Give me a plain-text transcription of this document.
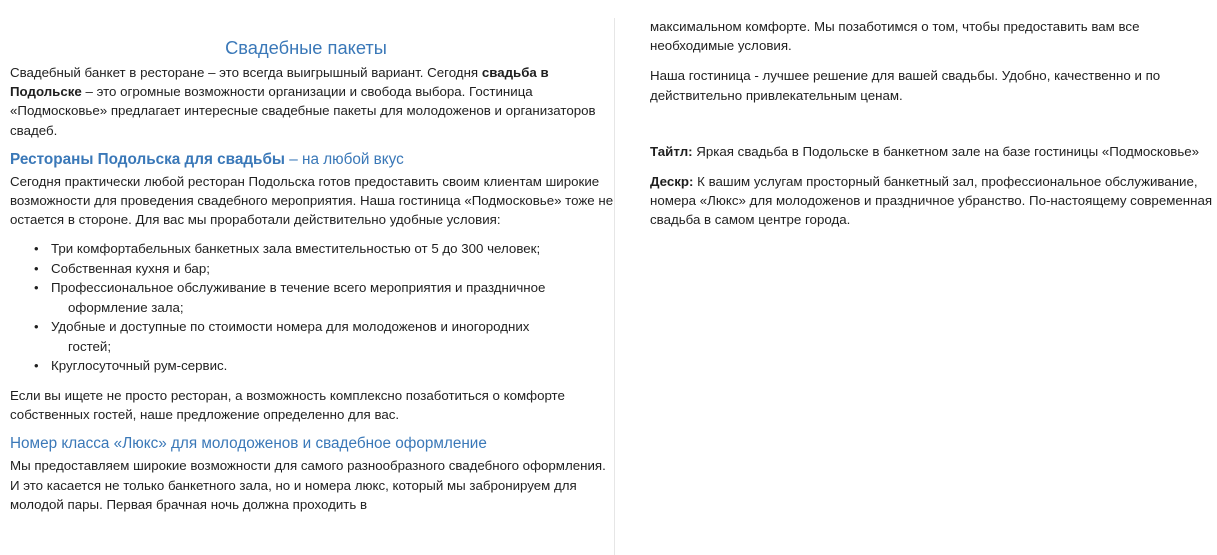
Свадебные пакеты

Свадебный банкет в ресторане – это всегда выигрышный вариант. Сегодня свадьба в Подольске – это огромные возможности организации и свобода выбора. Гостиница «Подмосковье» предлагает интересные свадебные пакеты для молодоженов и организаторов свадеб.

Рестораны Подольска для свадьбы – на любой вкус

Сегодня практически любой ресторан Подольска готов предоставить своим клиентам широкие возможности для проведения свадебного мероприятия. Наша гостиница «Подмосковье» тоже не остается в стороне. Для вас мы проработали действительно удобные условия:

• Три комфортабельных банкетных зала вместительностью от 5 до 300 человек;
• Собственная кухня и бар;
• Профессиональное обслуживание в течение всего мероприятия и праздничное
оформление зала;
• Удобные и доступные по стоимости номера для молодоженов и иногородних
гостей;
• Круглосуточный рум-сервис.

Если вы ищете не просто ресторан, а возможность комплексно позаботиться о комфорте собственных гостей, наше предложение определенно для вас.

Номер класса «Люкс» для молодоженов и свадебное оформление

Мы предоставляем широкие возможности для самого разнообразного свадебного оформления. И это касается не только банкетного зала, но и номера люкс, который мы забронируем для молодой пары. Первая брачная ночь должна проходить в

максимальном комфорте. Мы позаботимся о том, чтобы предоставить вам все необходимые условия.

Наша гостиница - лучшее решение для вашей свадьбы. Удобно, качественно и по действительно привлекательным ценам.

Тайтл: Яркая свадьба в Подольске в банкетном зале на базе гостиницы «Подмосковье»

Дескр: К вашим услугам просторный банкетный зал, профессиональное обслуживание, номера «Люкс» для молодоженов и праздничное убранство. По-настоящему современная свадьба в самом центре города.
